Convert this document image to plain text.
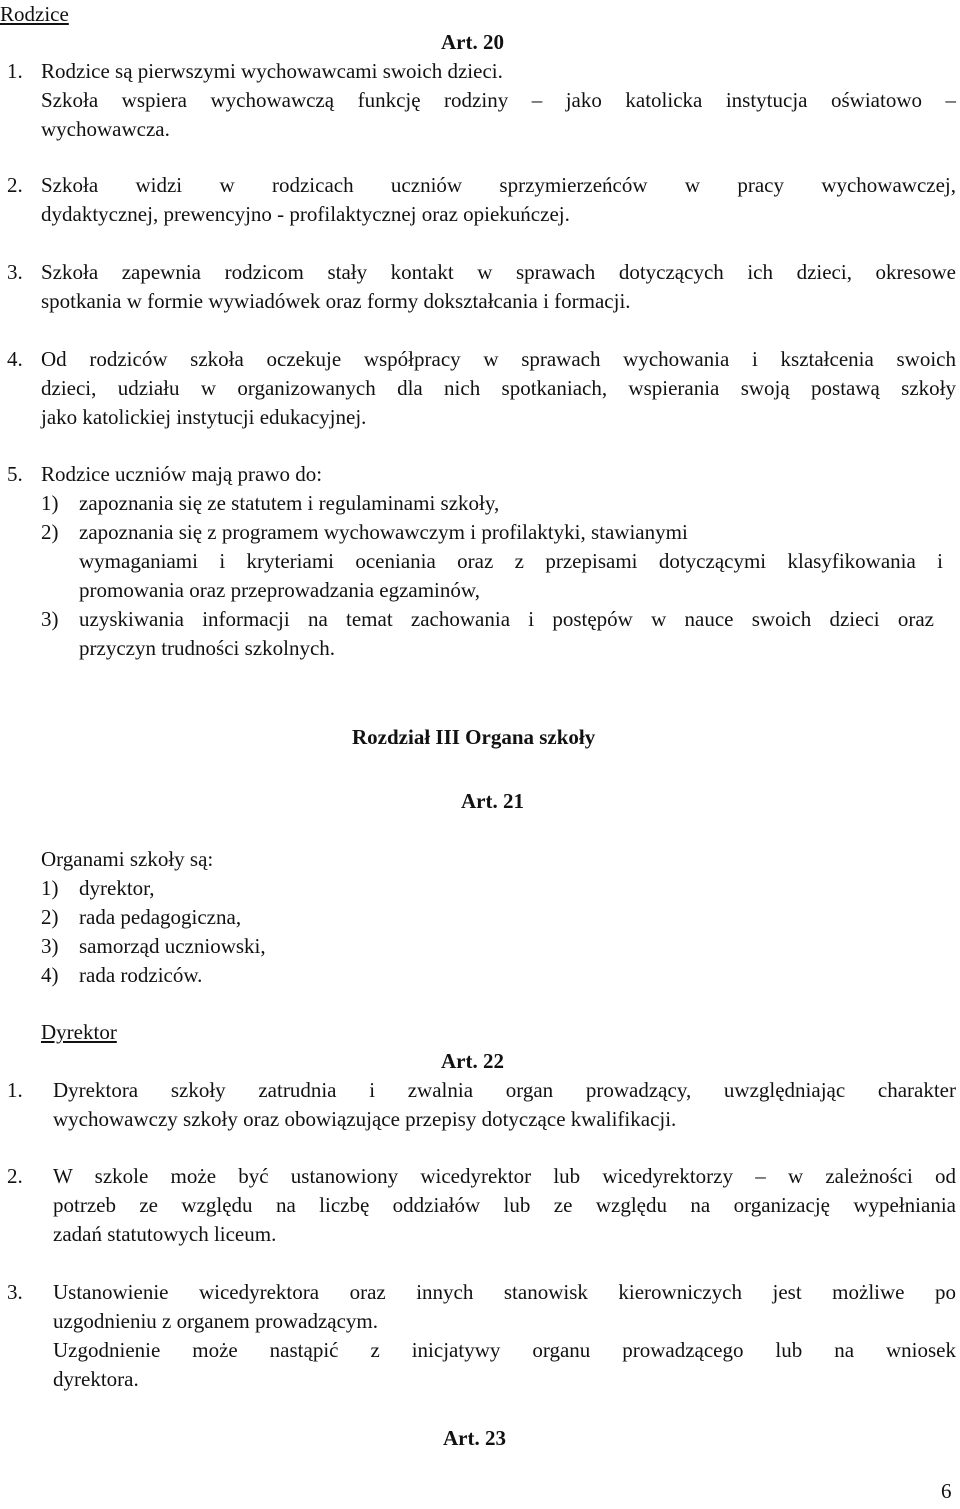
Rodzice
Art. 20
1. Rodzice są pierwszymi wychowawcami swoich dzieci.
Szkoła wspiera wychowawczą funkcję rodziny – jako katolicka instytucja oświatowo –
wychowawcza.
2. Szkoła widzi w rodzicach uczniów sprzymierzeńców w pracy wychowawczej,
dydaktycznej, prewencyjno - profilaktycznej oraz opiekuńczej.
3. Szkoła zapewnia rodzicom stały kontakt w sprawach dotyczących ich dzieci, okresowe
spotkania w formie wywiadówek oraz formy dokształcania i formacji.
4. Od rodziców szkoła oczekuje współpracy w sprawach wychowania i kształcenia swoich
dzieci, udziału w organizowanych dla nich spotkaniach, wspierania swoją postawą szkoły
jako katolickiej instytucji edukacyjnej.
5. Rodzice uczniów mają prawo do:
1) zapoznania się ze statutem i regulaminami szkoły,
2) zapoznania się z programem wychowawczym i profilaktyki, stawianymi
wymaganiami i kryteriami oceniania oraz z przepisami dotyczącymi klasyfikowania i
promowania oraz przeprowadzania egzaminów,
3) uzyskiwania informacji na temat zachowania i postępów w nauce swoich dzieci oraz
przyczyn trudności szkolnych.
Rozdział III Organa szkoły
Art. 21
Organami szkoły są:
1) dyrektor,
2) rada pedagogiczna,
3) samorząd uczniowski,
4) rada rodziców.
Dyrektor
Art. 22
1. Dyrektora szkoły zatrudnia i zwalnia organ prowadzący, uwzględniając charakter
wychowawczy szkoły oraz obowiązujące przepisy dotyczące kwalifikacji.
2. W szkole może być ustanowiony wicedyrektor lub wicedyrektorzy – w zależności od
potrzeb ze względu na liczbę oddziałów lub ze względu na organizację wypełniania
zadań statutowych liceum.
3. Ustanowienie wicedyrektora oraz innych stanowisk kierowniczych jest możliwe po
uzgodnieniu z organem prowadzącym.
Uzgodnienie może nastąpić z inicjatywy organu prowadzącego lub na wniosek
dyrektora.
Art. 23
6
